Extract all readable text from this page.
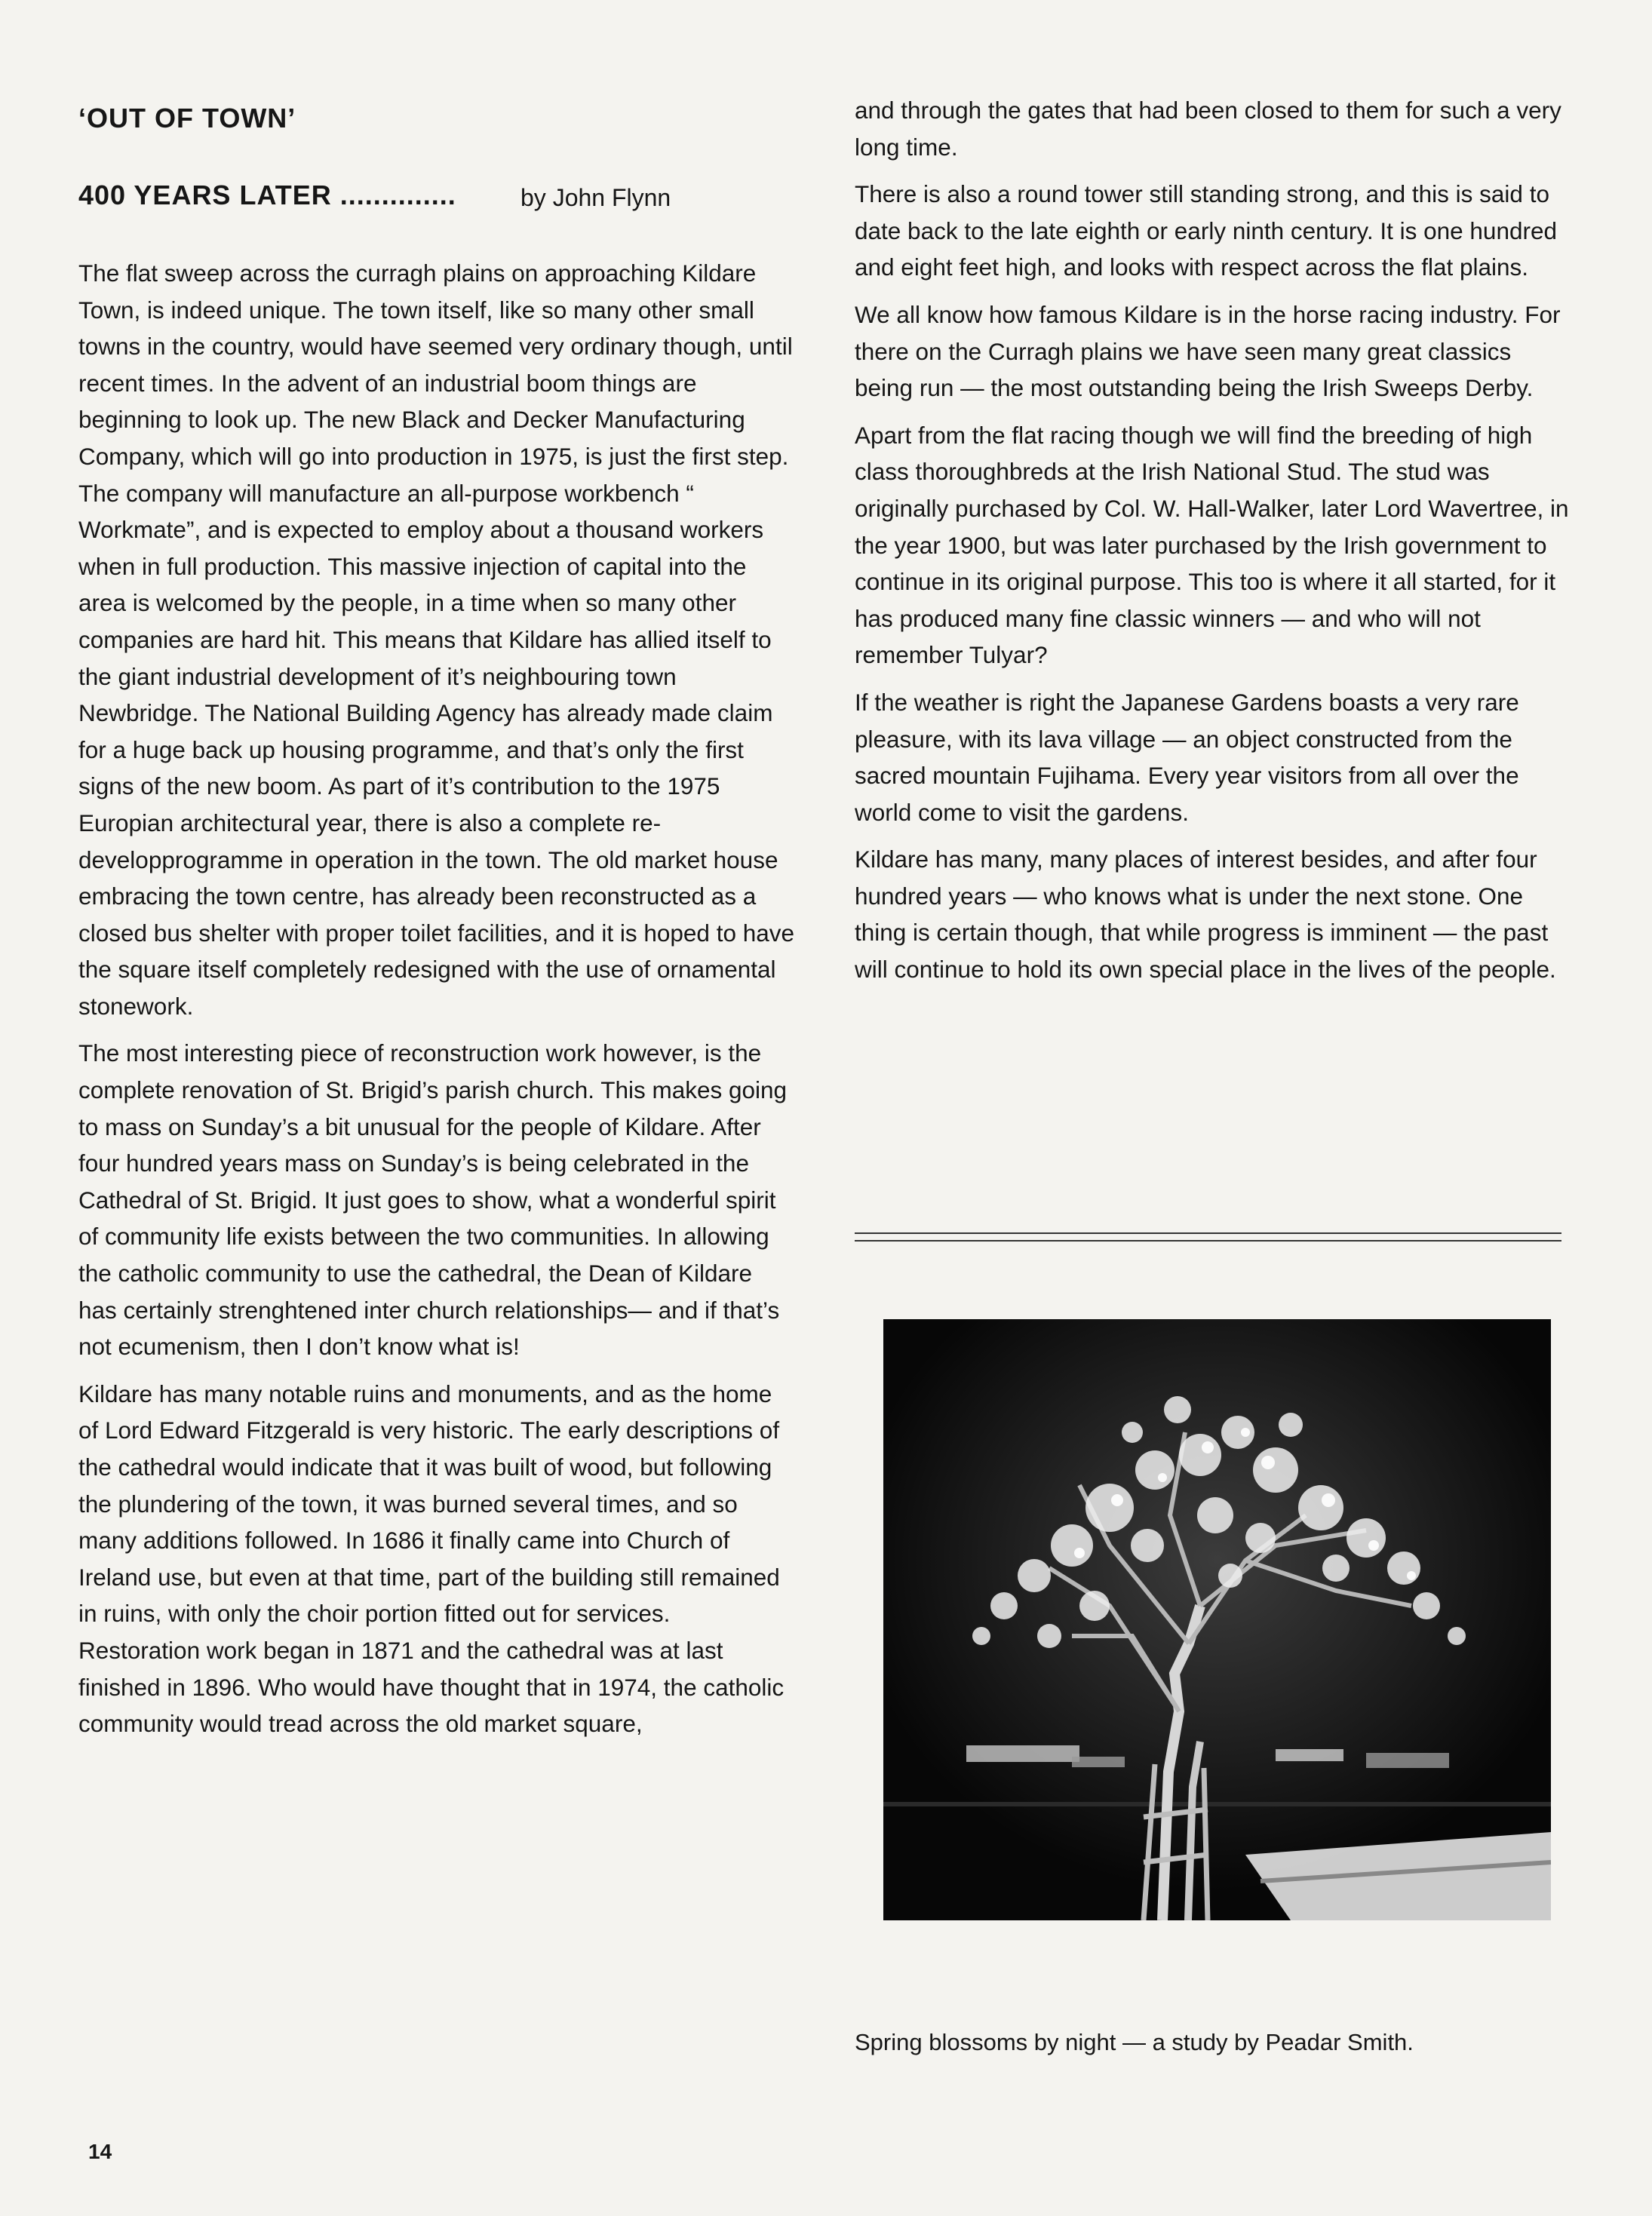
‘OUT OF TOWN’
400 YEARS LATER ..............	by John Flynn

The flat sweep across the curragh plains on approaching Kildare Town, is indeed unique. The town itself, like so many other small towns in the country, would have seemed very ordinary though, until recent times. In the advent of an industrial boom things are beginning to look up. The new Black and Decker Manufacturing Company, which will go into production in 1975, is just the first step. The company will manufacture an all-purpose workbench “ Workmate”, and is expected to employ about a thousand workers when in full production. This massive injection of capital into the area is welcomed by the people, in a time when so many other companies are hard hit. This means that Kildare has allied itself to the giant industrial development of it’s neighbouring town Newbridge. The National Building Agency has already made claim for a huge back up housing programme, and that’s only the first signs of the new boom. As part of it’s contribution to the 1975 Europian architectural year, there is also a complete re-developprogramme in operation in the town. The old market house embracing the town centre, has already been reconstructed as a closed bus shelter with proper toilet facilities, and it is hoped to have the square itself completely redesigned with the use of ornamental stonework.

The most interesting piece of reconstruction work however, is the complete renovation of St. Brigid’s parish church. This makes going to mass on Sunday’s a bit unusual for the people of Kildare. After four hundred years mass on Sunday’s is being celebrated in the Cathedral of St. Brigid. It just goes to show, what a wonderful spirit of community life exists between the two communities. In allowing the catholic community to use the cathedral, the Dean of Kildare has certainly strenghtened inter church relationships— and if that’s not ecumenism, then I don’t know what is!

Kildare has many notable ruins and monuments, and as the home of Lord Edward Fitzgerald is very historic. The early descriptions of the cathedral would indicate that it was built of wood, but following the plundering of the town, it was burned several times, and so many additions followed. In 1686 it finally came into Church of Ireland use, but even at that time, part of the building still remained in ruins, with only the choir portion fitted out for services. Restoration work began in 1871 and the cathedral was at last finished in 1896. Who would have thought that in 1974, the catholic community would tread across the old market square,

and through the gates that had been closed to them for such a very long time.

There is also a round tower still standing strong, and this is said to date back to the late eighth or early ninth century. It is one hundred and eight feet high, and looks with respect across the flat plains.

We all know how famous Kildare is in the horse racing industry. For there on the Curragh plains we have seen many great classics being run — the most outstanding being the Irish Sweeps Derby.

Apart from the flat racing though we will find the breeding of high class thoroughbreds at the Irish National Stud. The stud was originally purchased by Col. W. Hall-Walker, later Lord Wavertree, in the year 1900, but was later purchased by the Irish government to continue in its original purpose. This too is where it all started, for it has produced many fine classic winners — and who will not remember Tulyar?

If the weather is right the Japanese Gardens boasts a very rare pleasure, with its lava village — an object constructed from the sacred mountain Fujihama. Every year visitors from all over the world come to visit the gardens.

Kildare has many, many places of interest besides, and after four hundred years — who knows what is under the next stone. One thing is certain though, that while progress is imminent — the past will continue to hold its own special place in the lives of the people.

Spring blossoms by night — a study by Peadar Smith.
14
